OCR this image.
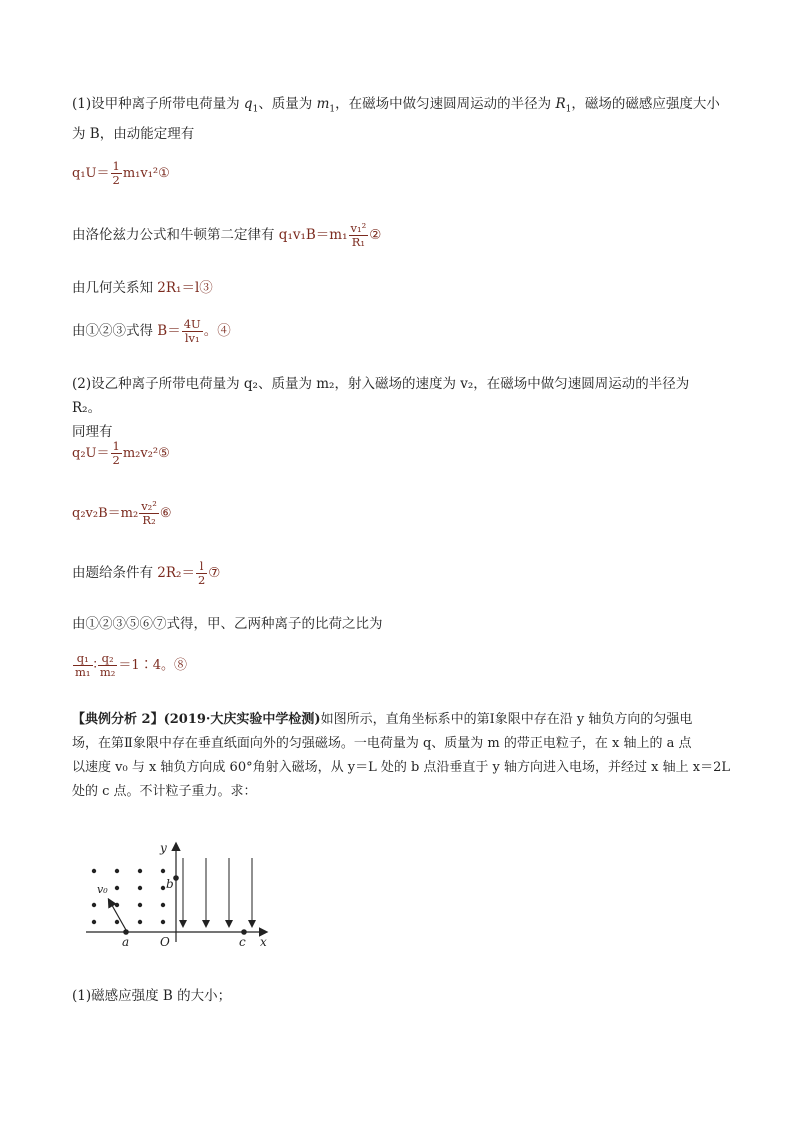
(1)设甲种离子所带电荷量为 $q_1$、质量为 $m_1$，在磁场中做匀速圆周运动的半径为 $R_1$，磁场的磁感应强度大小
为 B，由动能定理有
$q_1U= \frac{1}{2}$ m₁v₁²①
由洛伦兹力公式和牛顿第二定律有 $q_1v_1B=m_1 \frac{\text{v₁²}}{\text{R₁}}$ ②
由几何关系知 2R₁＝l③
由①②③式得 $B= \frac{4U}{\text{lv₁}}$ 。④
(2)设乙种离子所带电荷量为 q₂、质量为 m₂，射入磁场的速度为 v₂，在磁场中做匀速圆周运动的半径为 R₂。
同理有
$q_2U= \frac{1}{2}$ m₂v₂²⑤
$q_2v_2B=m_2 \frac{\text{v₂²}}{\text{R₂}}$ ⑥
由题给条件有 $2R_2= \frac{l}{2}$ ⑦
由①②③⑤⑥⑦式得，甲、乙两种离子的比荷之比为
$\frac{\text{q₁}}{\text{m₁}}$ ∶ $\frac{\text{q₂}}{\text{m₂}}$ ＝1∶4。⑧
【典例分析 2】(2019·大庆实验中学检测)如图所示，直角坐标系中的第Ⅰ象限中存在沿 y 轴负方向的匀强电
场，在第Ⅱ象限中存在垂直纸面向外的匀强磁场。一电荷量为 q、质量为 m 的带正电粒子，在 x 轴上的 a 点
以速度 v₀ 与 x 轴负方向成 60°角射入磁场，从 y＝L 处的 b 点沿垂直于 y 轴方向进入电场，并经过 x 轴上 x＝2L
处的 c 点。不计粒子重力。求：
y
x
O
a
b
c
v₀
(1)磁感应强度 B 的大小；
